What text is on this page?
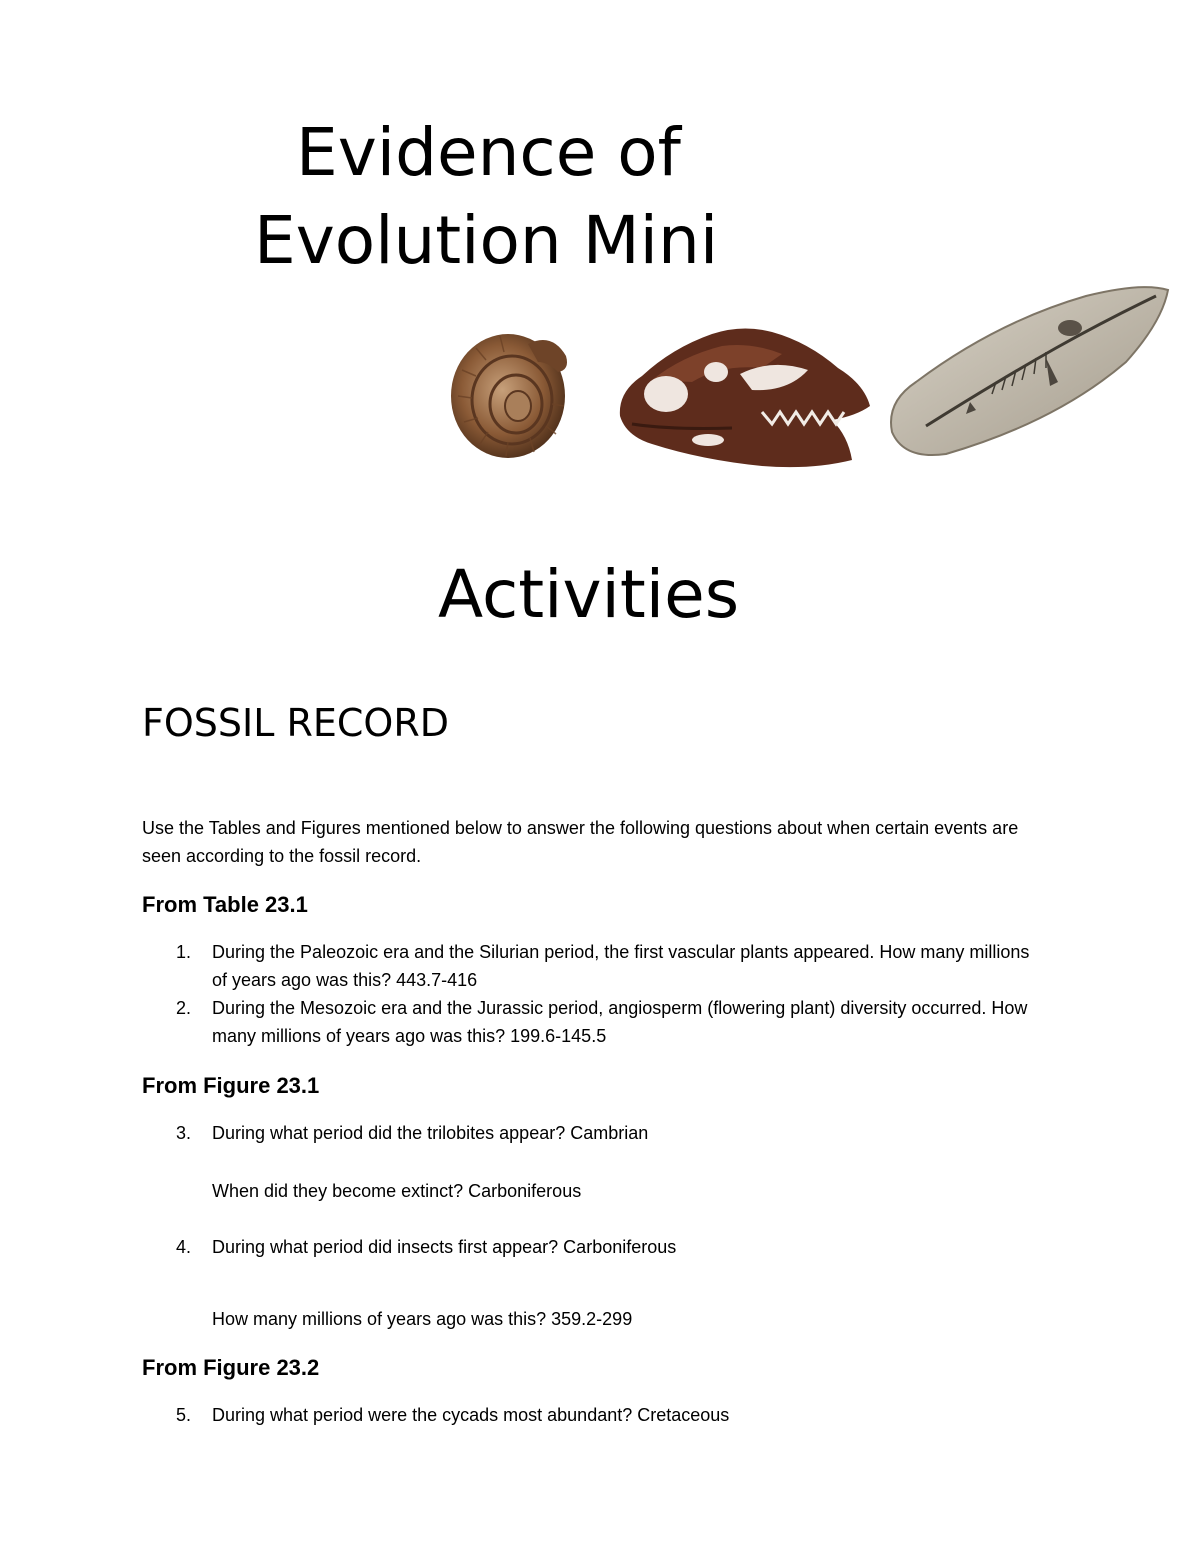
Evidence of
Evolution Mini
Activities
FOSSIL RECORD
Use the Tables and Figures mentioned below to answer the following questions about when certain events are seen according to the fossil record.
From Table 23.1
1.	During the Paleozoic era and the Silurian period, the first vascular plants appeared. How many millions of years ago was this? 443.7-416
2.	During the Mesozoic era and the Jurassic period, angiosperm (flowering plant) diversity occurred. How many millions of years ago was this? 199.6-145.5
From Figure 23.1
3.	During what period did the trilobites appear? Cambrian
When did they become extinct? Carboniferous
4.	During what period did insects first appear? Carboniferous
How many millions of years ago was this? 359.2-299
From Figure 23.2
5.	During what period were the cycads most abundant? Cretaceous
